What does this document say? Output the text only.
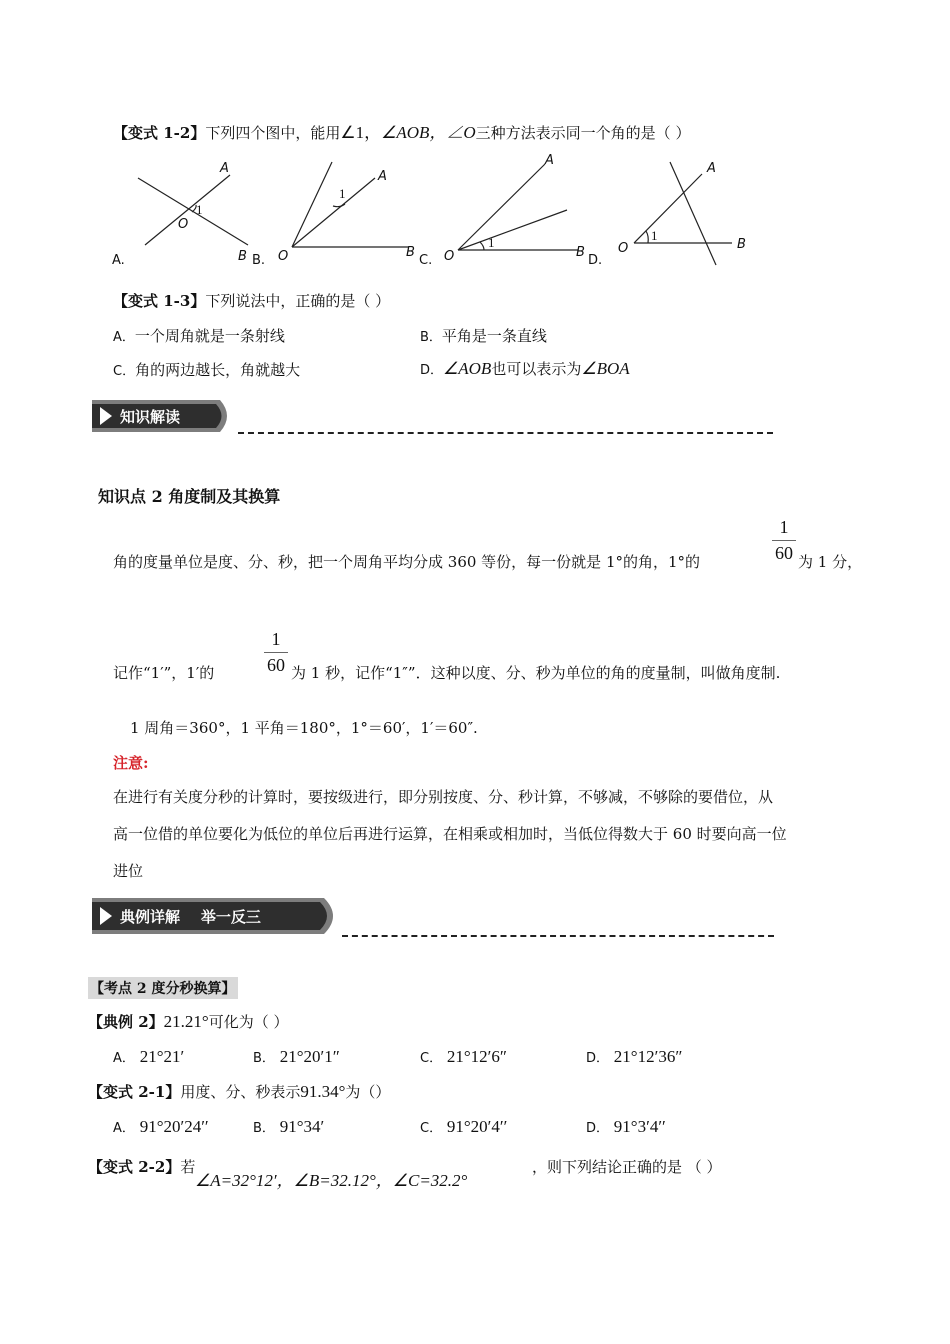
【变式 1-2】下列四个图中，能用∠1，∠AOB，∠O三种方法表示同一个角的是（ ）
A
O
B
A
O	B
A
O	B
A
O	B
1
1
1	1
A.	B.	C.	D.
【变式 1-3】下列说法中，正确的是（ ）
A．一个周角就是一条射线	B．平角是一条直线
C．角的两边越长，角就越大	D．∠AOB也可以表示为∠BOA
知识解读
知识点 2 角度制及其换算
角的度量单位是度、分、秒，把一个周角平均分成 360 等份，每一份就是 1°的角，1°的
1
60 为 1 分，
记作“1′”，1′的
1
60 为 1 秒，记作“1″”．这种以度、分、秒为单位的角的度量制，叫做角度制.
1 周角＝360°，1 平角＝180°，1°＝60′，1′＝60″.
注意:
在进行有关度分秒的计算时，要按级进行，即分别按度、分、秒计算，不够减，不够除的要借位，从
高一位借的单位要化为低位的单位后再进行运算，在相乘或相加时，当低位得数大于 60 时要向高一位
进位
典例详解    举一反三
【考点 2 度分秒换算】
【典例 2】21.21°可化为（ ）
A． 21°21′	B． 21°20′1″	C． 21°12′6″	D． 21°12′36″
【变式 2-1】用度、分、秒表示91.34°为（）
A． 91°20′24′′	B． 91°34′	C． 91°20′4′′	D． 91°3′4′′
【变式 2-2】若
∠A=32°12′，∠B=32.12°，∠C=32.2°
，则下列结论正确的是 （ ）
